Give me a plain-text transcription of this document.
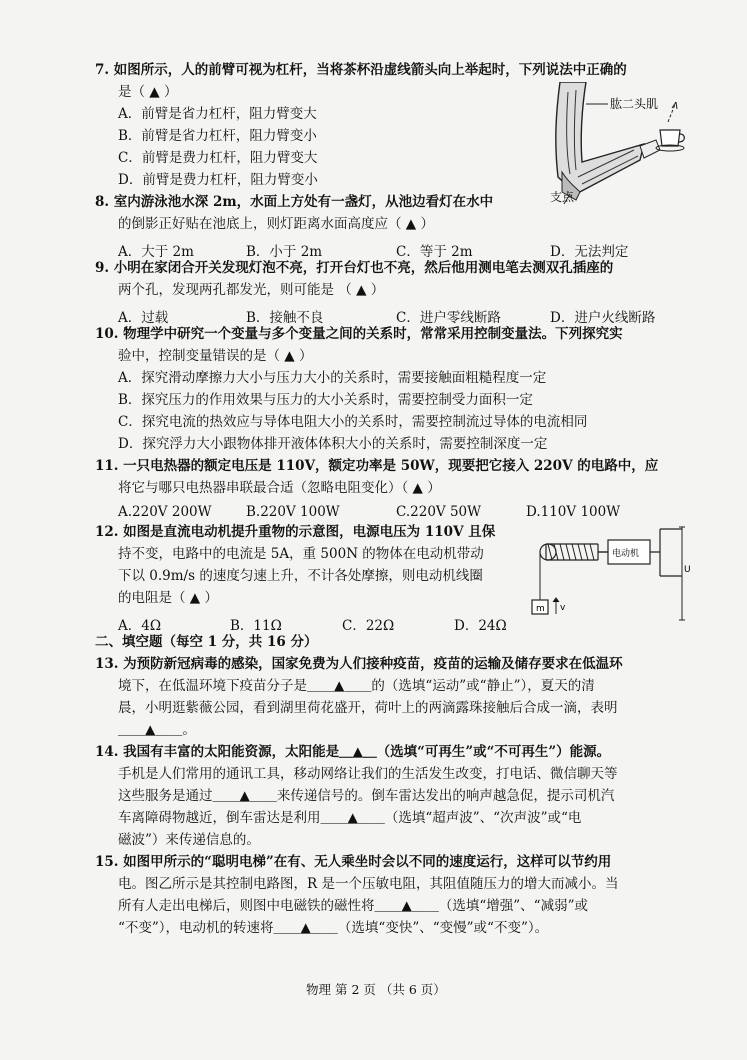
7. 如图所示，人的前臂可视为杠杆，当将茶杯沿虚线箭头向上举起时，下列说法中正确的
是（ ▲ ）
A．前臂是省力杠杆，阻力臂变大
B．前臂是省力杠杆，阻力臂变小
C．前臂是费力杠杆，阻力臂变大
D．前臂是费力杠杆，阻力臂变小
肱二头肌
支点
8. 室内游泳池水深 2m，水面上方处有一盏灯，从池边看灯在水中
的倒影正好贴在池底上，则灯距离水面高度应（ ▲ ）
A．大于 2m	B．小于 2m	C．等于 2m	D．无法判定
9. 小明在家闭合开关发现灯泡不亮，打开台灯也不亮，然后他用测电笔去测双孔插座的
两个孔，发现两孔都发光，则可能是 （ ▲ ）
A．过载	B．接触不良	C．进户零线断路	D．进户火线断路
10. 物理学中研究一个变量与多个变量之间的关系时，常常采用控制变量法。下列探究实
验中，控制变量错误的是（ ▲ ）
A．探究滑动摩擦力大小与压力大小的关系时，需要接触面粗糙程度一定
B．探究压力的作用效果与压力的大小关系时，需要控制受力面积一定
C．探究电流的热效应与导体电阻大小的关系时，需要控制流过导体的电流相同
D．探究浮力大小跟物体排开液体体积大小的关系时，需要控制深度一定
11. 一只电热器的额定电压是 110V，额定功率是 50W，现要把它接入 220V 的电路中，应
将它与哪只电热器串联最合适（忽略电阻变化）（ ▲ ）
A.220V 200W	B.220V 100W	C.220V 50W	D.110V 100W
12. 如图是直流电动机提升重物的示意图，电源电压为 110V 且保
持不变，电路中的电流是 5A，重 500N 的物体在电动机带动
下以 0.9m/s 的速度匀速上升，不计各处摩擦，则电动机线圈
的电阻是（ ▲ ）
A．4Ω	B．11Ω	C．22Ω	D．24Ω
电动机
U
m v
二、填空题（每空 1 分，共 16 分）
13. 为预防新冠病毒的感染，国家免费为人们接种疫苗，疫苗的运输及储存要求在低温环
境下，在低温环境下疫苗分子是＿＿▲＿＿的（选填“运动”或“静止”），夏天的清
晨，小明逛紫薇公园，看到湖里荷花盛开，荷叶上的两滴露珠接触后合成一滴，表明
＿＿▲＿＿。
14. 我国有丰富的太阳能资源，太阳能是＿▲＿（选填“可再生”或“不可再生”）能源。
手机是人们常用的通讯工具，移动网络让我们的生活发生改变，打电话、微信聊天等
这些服务是通过＿＿▲＿＿来传递信号的。倒车雷达发出的响声越急促，提示司机汽
车离障碍物越近，倒车雷达是利用＿＿▲＿＿（选填“超声波”、“次声波”或“电
磁波”）来传递信息的。
15. 如图甲所示的“聪明电梯”在有、无人乘坐时会以不同的速度运行，这样可以节约用
电。图乙所示是其控制电路图，R 是一个压敏电阻，其阻值随压力的增大而减小。当
所有人走出电梯后，则图中电磁铁的磁性将＿＿▲＿＿（选填“增强”、“减弱”或
“不变”），电动机的转速将＿＿▲＿＿（选填“变快”、“变慢”或“不变”）。
物理 第 2 页 （共 6 页）
